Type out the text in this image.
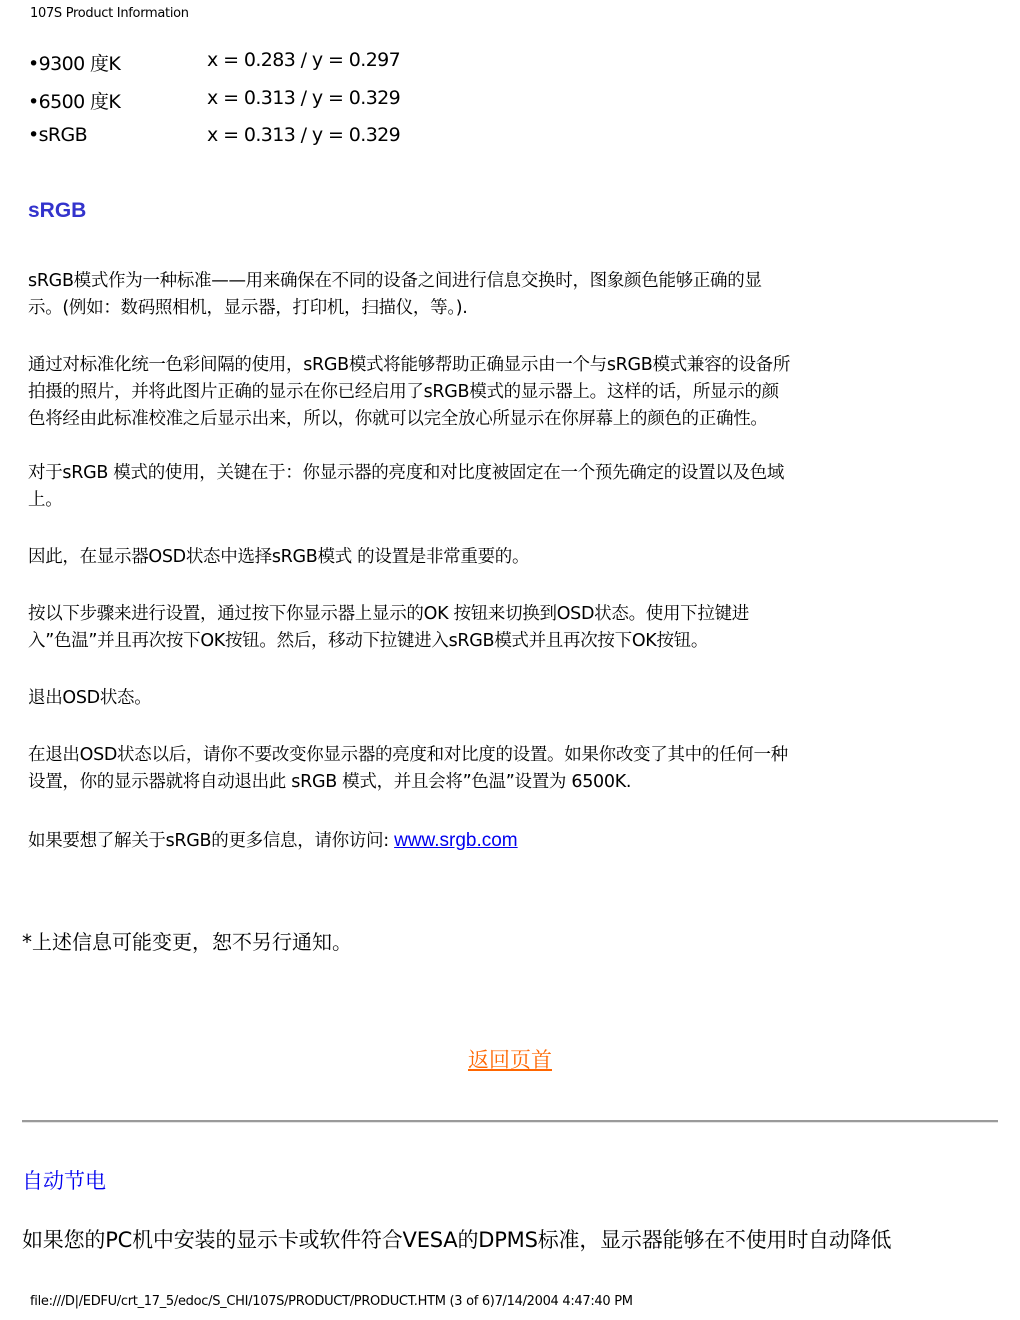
107S Product Information
•9300 度K	x = 0.283 / y = 0.297
•6500 度K	x = 0.313 / y = 0.329
•sRGB	x = 0.313 / y = 0.329
sRGB
sRGB模式作为一种标准——用来确保在不同的设备之间进行信息交换时，图象颜色能够正确的显
示。(例如：数码照相机，显示器，打印机，扫描仪，等。).
通过对标准化统一色彩间隔的使用，sRGB模式将能够帮助正确显示由一个与sRGB模式兼容的设备所
拍摄的照片，并将此图片正确的显示在你已经启用了sRGB模式的显示器上。这样的话，所显示的颜
色将经由此标准校准之后显示出来，所以，你就可以完全放心所显示在你屏幕上的颜色的正确性。
对于sRGB 模式的使用，关键在于：你显示器的亮度和对比度被固定在一个预先确定的设置以及色域
上。
因此，在显示器OSD状态中选择sRGB模式 的设置是非常重要的。
按以下步骤来进行设置，通过按下你显示器上显示的OK 按钮来切换到OSD状态。使用下拉键进
入”色温”并且再次按下OK按钮。然后，移动下拉键进入sRGB模式并且再次按下OK按钮。
退出OSD状态。
在退出OSD状态以后，请你不要改变你显示器的亮度和对比度的设置。如果你改变了其中的任何一种
设置，你的显示器就将自动退出此 sRGB 模式，并且会将”色温”设置为 6500K.
如果要想了解关于sRGB的更多信息，请你访问: www.srgb.com
*上述信息可能变更，恕不另行通知。
返回页首
自动节电
如果您的PC机中安装的显示卡或软件符合VESA的DPMS标准，显示器能够在不使用时自动降低
file:///D|/EDFU/crt_17_5/edoc/S_CHI/107S/PRODUCT/PRODUCT.HTM (3 of 6)7/14/2004 4:47:40 PM
